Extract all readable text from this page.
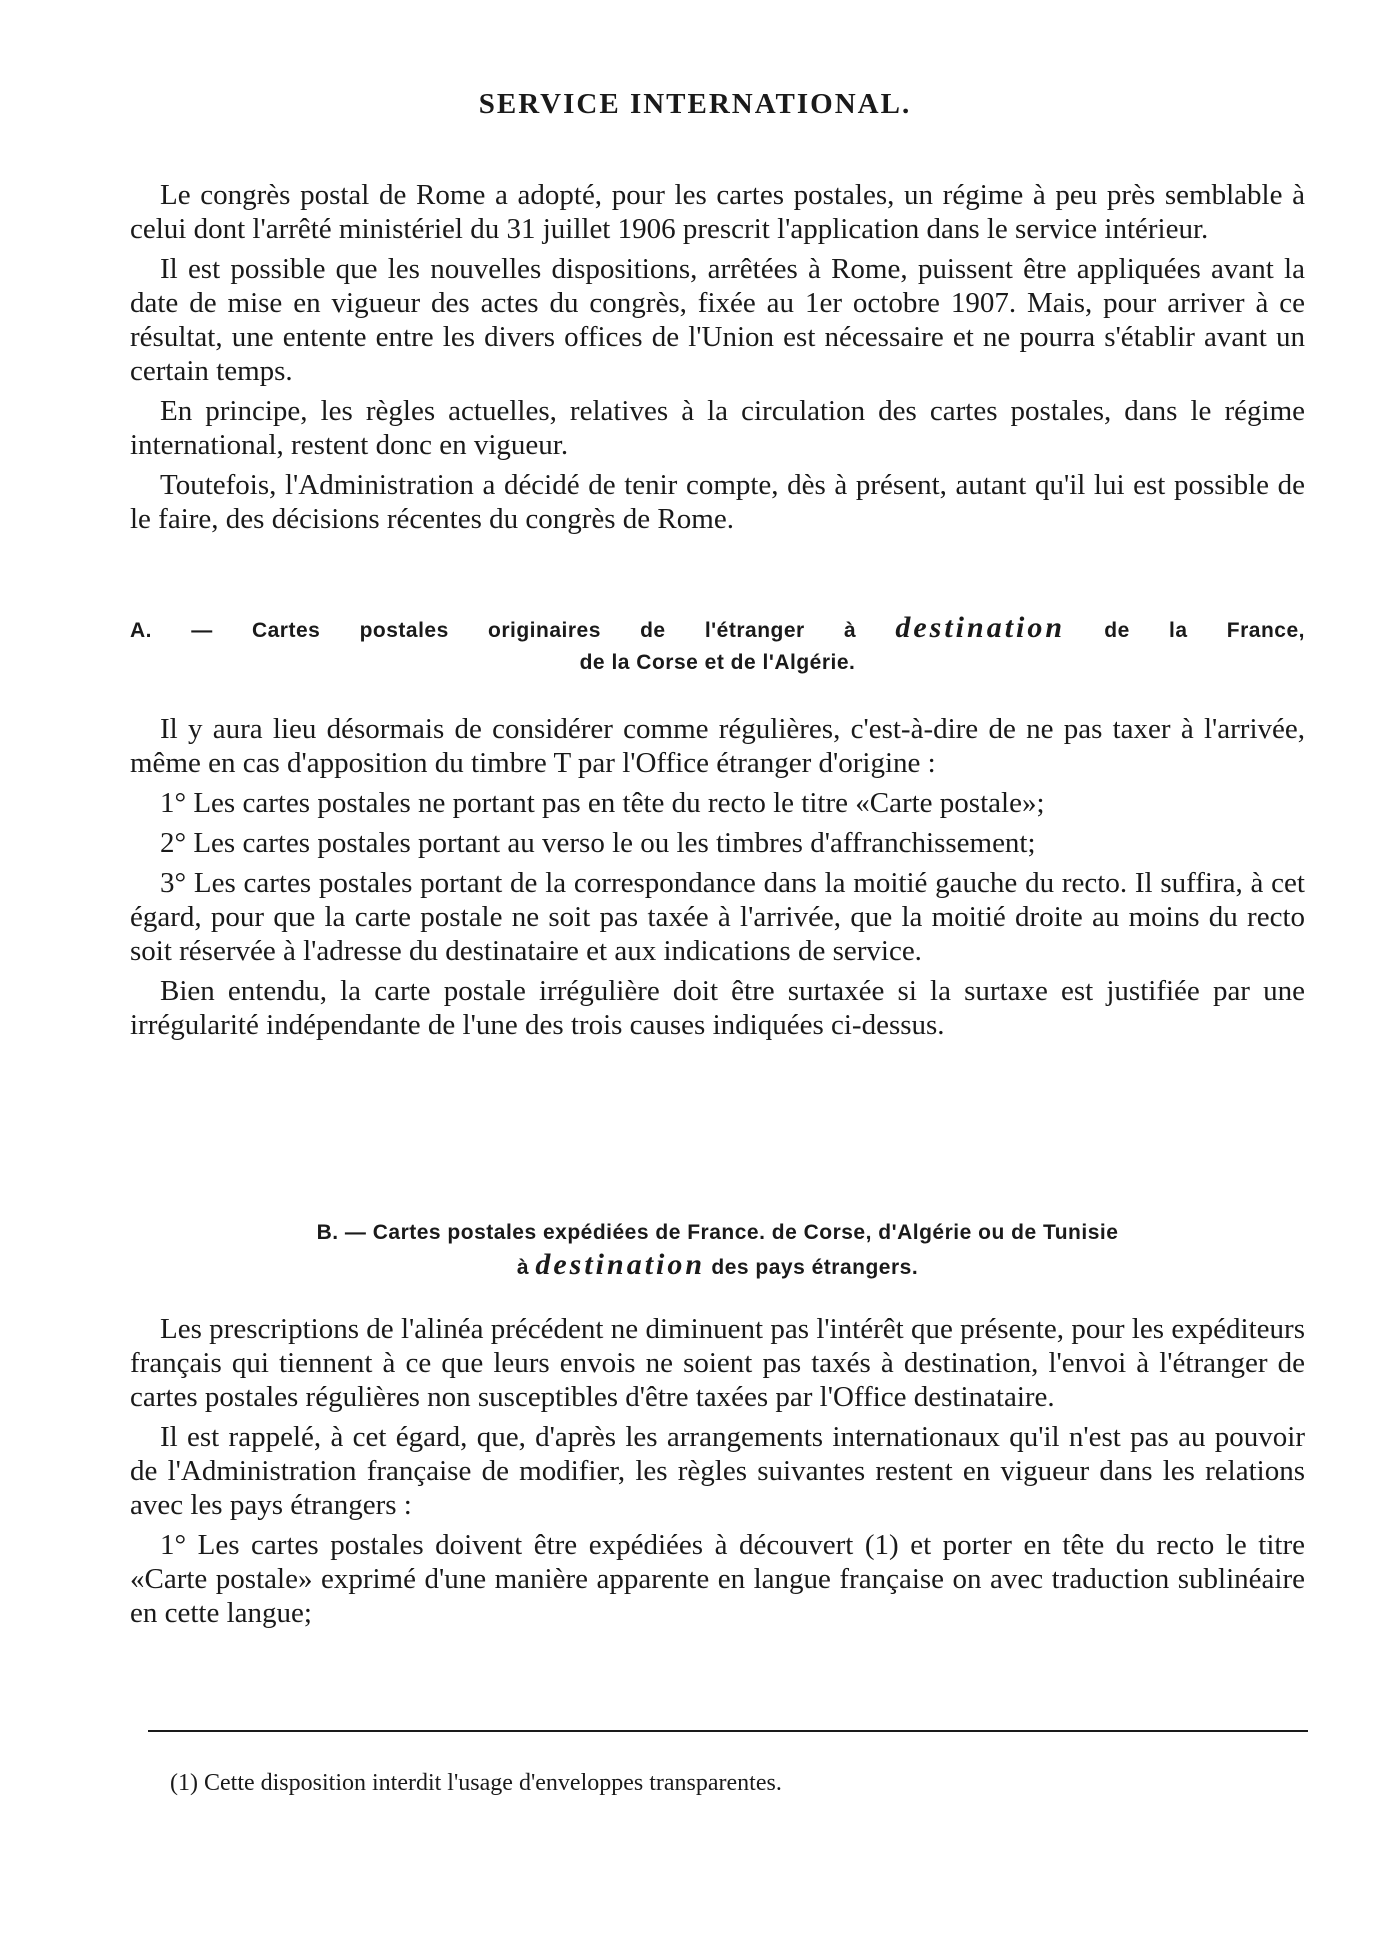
SERVICE INTERNATIONAL.

Le congrès postal de Rome a adopté, pour les cartes postales, un régime à peu près semblable à celui dont l'arrêté ministériel du 31 juillet 1906 prescrit l'application dans le service intérieur.

Il est possible que les nouvelles dispositions, arrêtées à Rome, puissent être appliquées avant la date de mise en vigueur des actes du congrès, fixée au 1er octobre 1907. Mais, pour arriver à ce résultat, une entente entre les divers offices de l'Union est nécessaire et ne pourra s'établir avant un certain temps.

En principe, les règles actuelles, relatives à la circulation des cartes postales, dans le régime international, restent donc en vigueur.

Toutefois, l'Administration a décidé de tenir compte, dès à présent, autant qu'il lui est possible de le faire, des décisions récentes du congrès de Rome.

A. — Cartes postales originaires de l'étranger à destination de la France,
de la Corse et de l'Algérie.

Il y aura lieu désormais de considérer comme régulières, c'est-à-dire de ne pas taxer à l'arrivée, même en cas d'apposition du timbre T par l'Office étranger d'origine :

1° Les cartes postales ne portant pas en tête du recto le titre «Carte postale»;

2° Les cartes postales portant au verso le ou les timbres d'affranchissement;

3° Les cartes postales portant de la correspondance dans la moitié gauche du recto. Il suffira, à cet égard, pour que la carte postale ne soit pas taxée à l'arrivée, que la moitié droite au moins du recto soit réservée à l'adresse du destinataire et aux indications de service.

Bien entendu, la carte postale irrégulière doit être surtaxée si la surtaxe est justifiée par une irrégularité indépendante de l'une des trois causes indiquées ci-dessus.

B. — Cartes postales expédiées de France. de Corse, d'Algérie ou de Tunisie
à destination des pays étrangers.

Les prescriptions de l'alinéa précédent ne diminuent pas l'intérêt que présente, pour les expéditeurs français qui tiennent à ce que leurs envois ne soient pas taxés à destination, l'envoi à l'étranger de cartes postales régulières non susceptibles d'être taxées par l'Office destinataire.

Il est rappelé, à cet égard, que, d'après les arrangements internationaux qu'il n'est pas au pouvoir de l'Administration française de modifier, les règles suivantes restent en vigueur dans les relations avec les pays étrangers :

1° Les cartes postales doivent être expédiées à découvert (1) et porter en tête du recto le titre «Carte postale» exprimé d'une manière apparente en langue française on avec traduction sublinéaire en cette langue;

(1) Cette disposition interdit l'usage d'enveloppes transparentes.
